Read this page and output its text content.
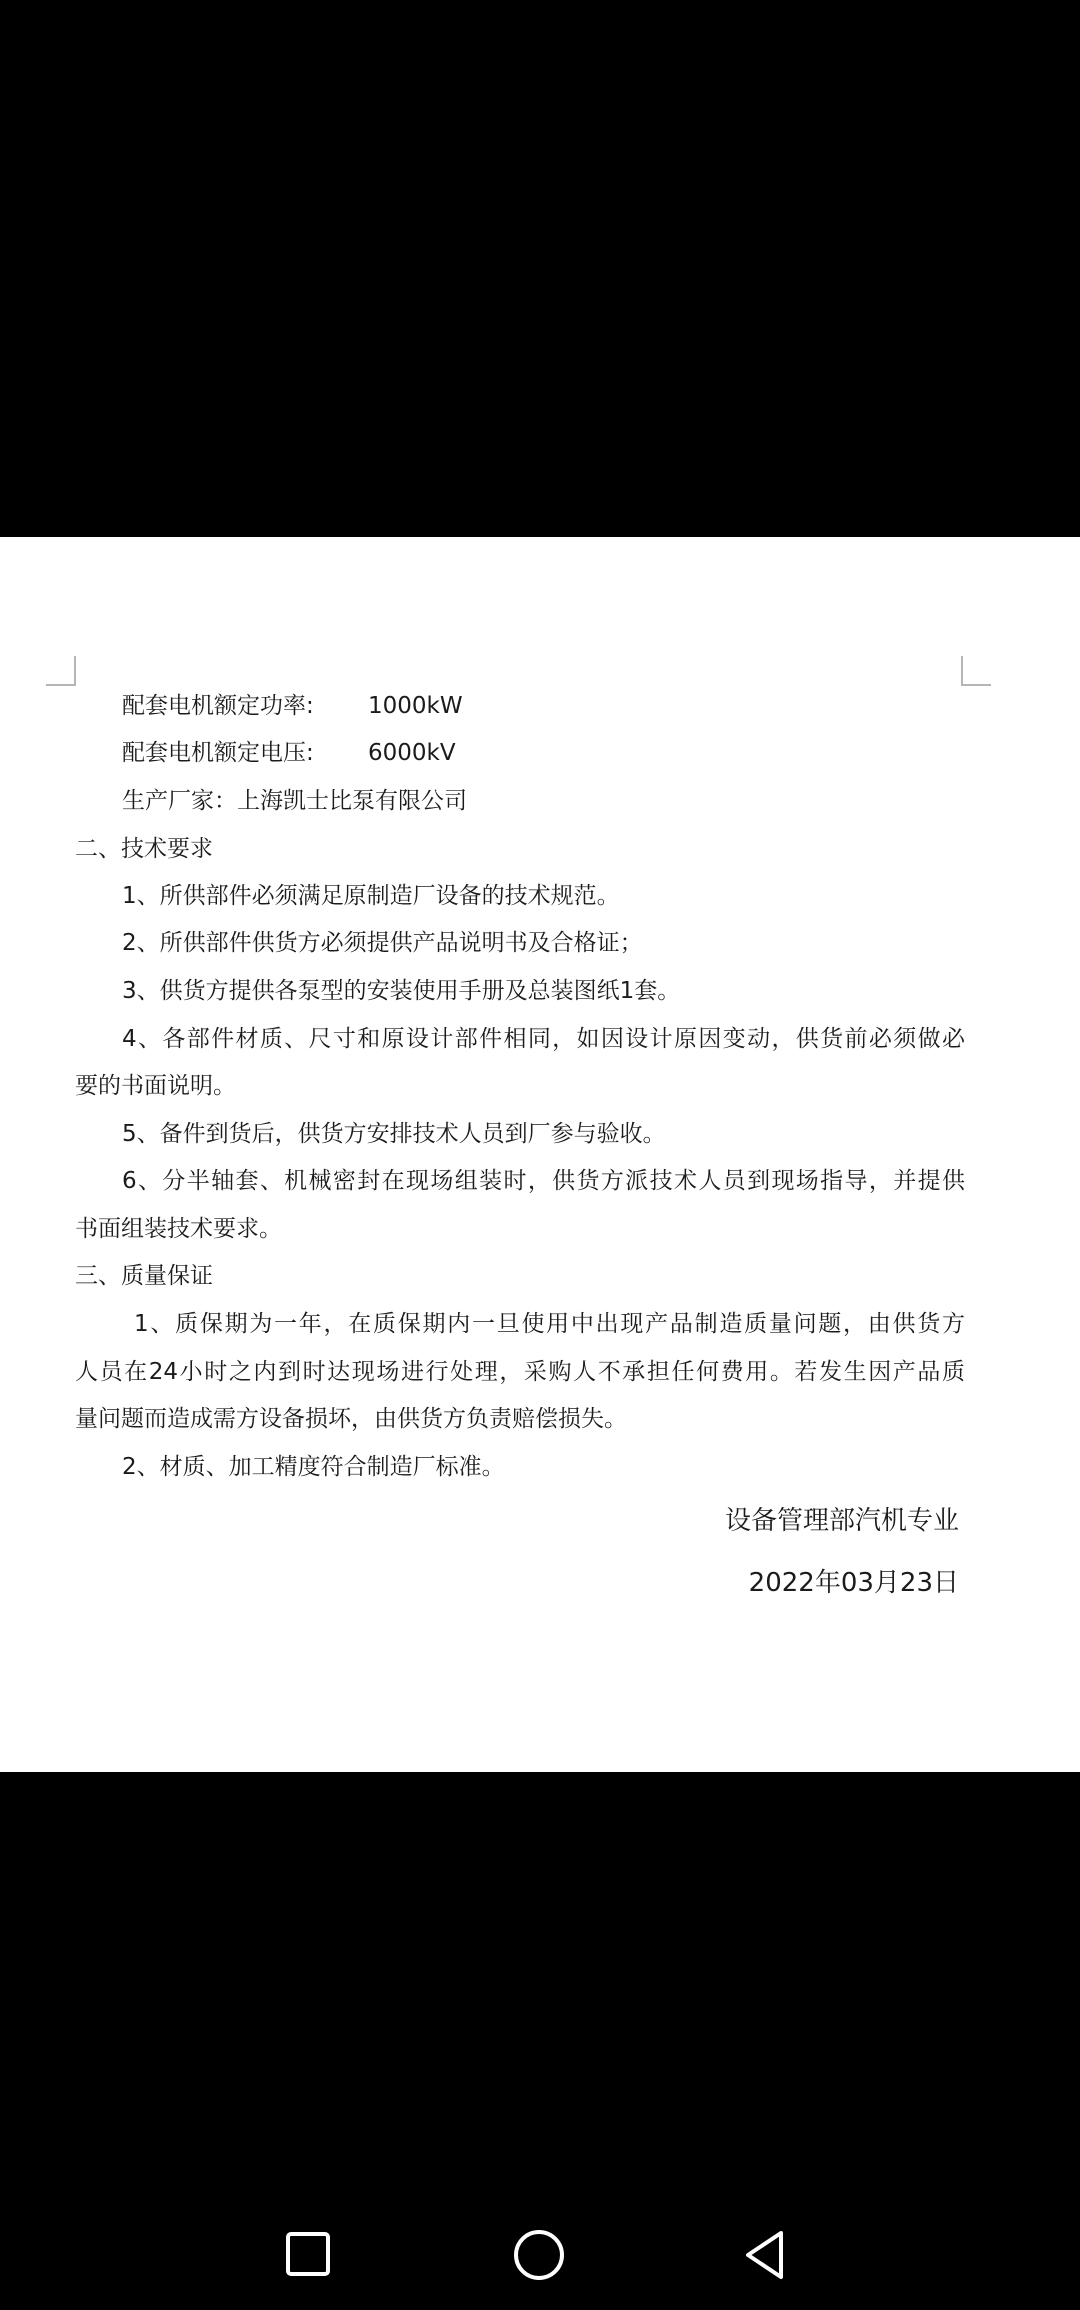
配套电机额定功率: 1000kW
配套电机额定电压: 6000kV
生产厂家：上海凯士比泵有限公司
二、技术要求
1、所供部件必须满足原制造厂设备的技术规范。
2、所供部件供货方必须提供产品说明书及合格证；
3、供货方提供各泵型的安装使用手册及总装图纸1套。
4、各部件材质、尺寸和原设计部件相同，如因设计原因变动，供货前必须做必
要的书面说明。
5、备件到货后，供货方安排技术人员到厂参与验收。
6、分半轴套、机械密封在现场组装时，供货方派技术人员到现场指导，并提供
书面组装技术要求。
三、质量保证
1、质保期为一年，在质保期内一旦使用中出现产品制造质量问题，由供货方
人员在24小时之内到时达现场进行处理，采购人不承担任何费用。若发生因产品质
量问题而造成需方设备损坏，由供货方负责赔偿损失。
2、材质、加工精度符合制造厂标准。
设备管理部汽机专业
2022年03月23日
